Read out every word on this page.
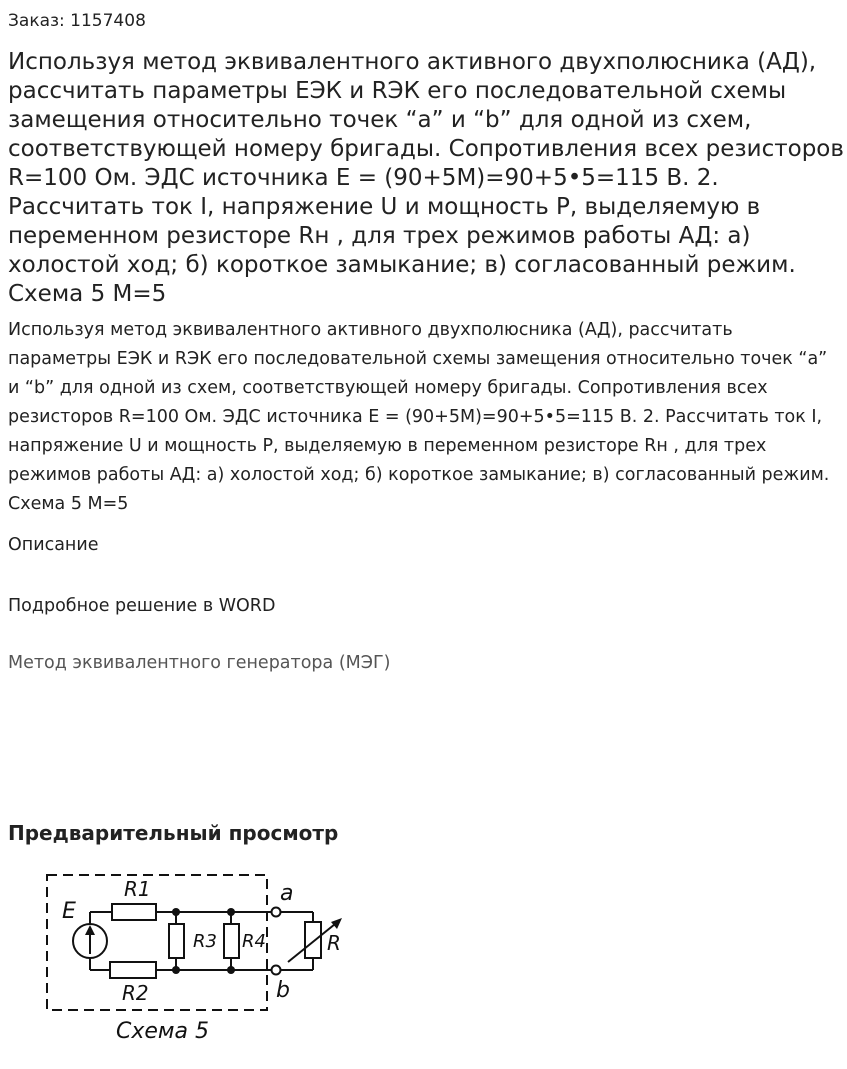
Заказ: 1157408
Используя метод эквивалентного активного двухполюсника (АД), рассчитать параметры ЕЭК и RЭК его последовательной схемы замещения относительно точек “a” и “b” для одной из схем, соответствующей номеру бригады. Сопротивления всех резисторов R=100 Ом. ЭДС источника Е = (90+5M)=90+5•5=115 В. 2. Рассчитать ток I, напряжение U и мощность P, выделяемую в переменном резисторе Rн , для трех режимов работы АД: а) холостой ход; б) короткое замыкание; в) согласованный режим. Схема 5 M=5

Используя метод эквивалентного активного двухполюсника (АД), рассчитать параметры ЕЭК и RЭК его последовательной схемы замещения относительно точек “a” и “b” для одной из схем, соответствующей номеру бригады. Сопротивления всех резисторов R=100 Ом. ЭДС источника Е = (90+5M)=90+5•5=115 В. 2. Рассчитать ток I, напряжение U и мощность P, выделяемую в переменном резисторе Rн , для трех режимов работы АД: а) холостой ход; б) короткое замыкание; в) согласованный режим. Схема 5 M=5

Описание
Подробное решение в WORD
Метод эквивалентного генератора (МЭГ)
Предварительный просмотр
E
R1
R2
R3 R4	R
a
b
Схема 5
